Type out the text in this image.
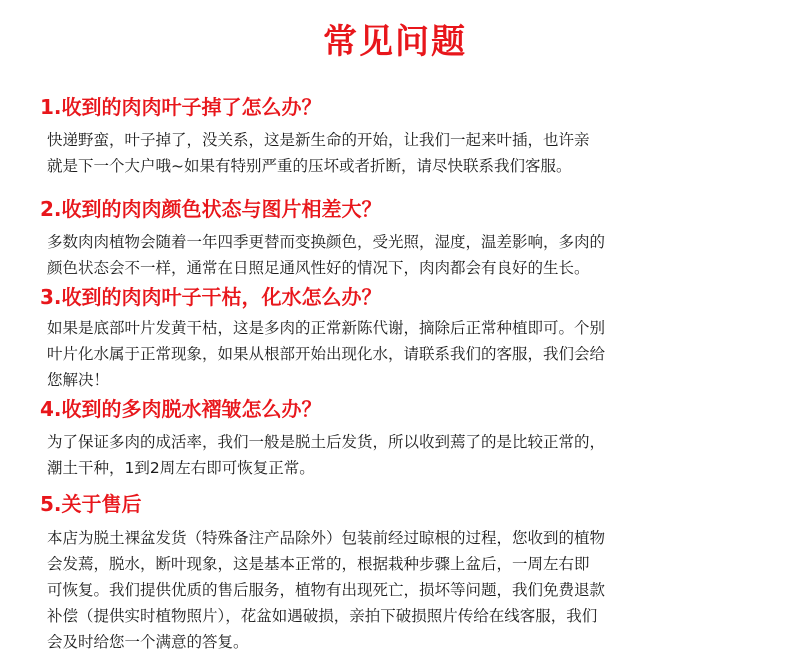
常见问题
1.收到的肉肉叶子掉了怎么办？
快递野蛮，叶子掉了，没关系，这是新生命的开始，让我们一起来叶插，也许亲
就是下一个大户哦~如果有特别严重的压坏或者折断，请尽快联系我们客服。
2.收到的肉肉颜色状态与图片相差大？
多数肉肉植物会随着一年四季更替而变换颜色，受光照，湿度，温差影响，多肉的
颜色状态会不一样，通常在日照足通风性好的情况下，肉肉都会有良好的生长。
3.收到的肉肉叶子干枯，化水怎么办？
如果是底部叶片发黄干枯，这是多肉的正常新陈代谢，摘除后正常种植即可。个别
叶片化水属于正常现象，如果从根部开始出现化水，请联系我们的客服，我们会给
您解决！
4.收到的多肉脱水褶皱怎么办？
为了保证多肉的成活率，我们一般是脱土后发货，所以收到蔫了的是比较正常的，
潮土干种，1到2周左右即可恢复正常。
5.关于售后
本店为脱土裸盆发货（特殊备注产品除外）包装前经过晾根的过程，您收到的植物
会发蔫，脱水，断叶现象，这是基本正常的，根据栽种步骤上盆后，一周左右即
可恢复。我们提供优质的售后服务，植物有出现死亡，损坏等问题，我们免费退款
补偿（提供实时植物照片），花盆如遇破损，亲拍下破损照片传给在线客服，我们
会及时给您一个满意的答复。
